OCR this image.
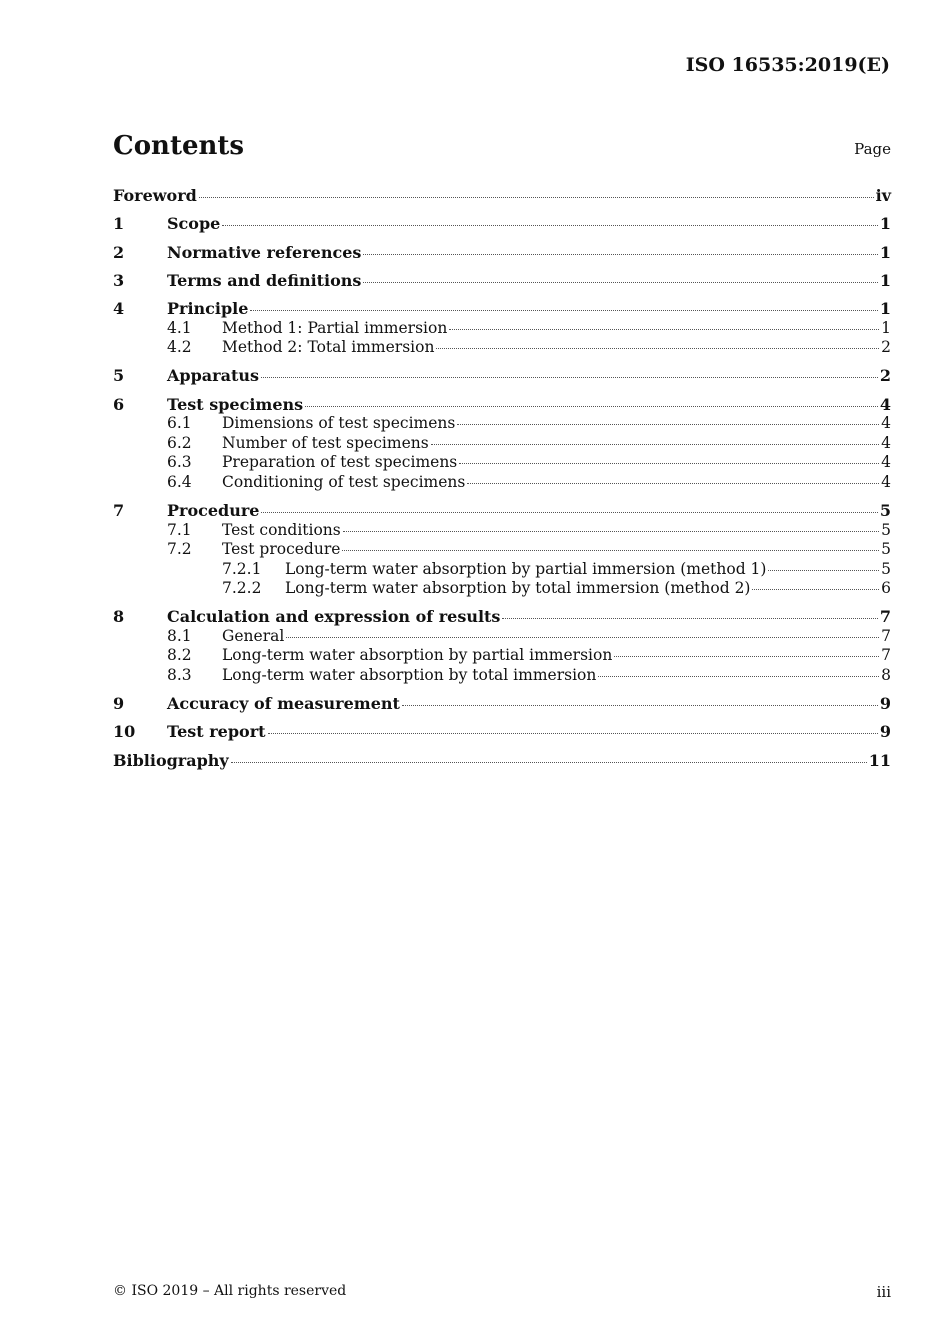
ISO 16535:2019(E)
Contents	Page
Foreword	iv
1	Scope	1
2	Normative references	1
3	Terms and definitions	1
4	Principle	1
4.1	Method 1: Partial immersion	1
4.2	Method 2: Total immersion	2
5	Apparatus	2
6	Test specimens	4
6.1	Dimensions of test specimens	4
6.2	Number of test specimens	4
6.3	Preparation of test specimens	4
6.4	Conditioning of test specimens	4
7	Procedure	5
7.1	Test conditions	5
7.2	Test procedure	5
7.2.1	Long-term water absorption by partial immersion (method 1)	5
7.2.2	Long-term water absorption by total immersion (method 2)	6
8	Calculation and expression of results	7
8.1	General	7
8.2	Long-term water absorption by partial immersion	7
8.3	Long-term water absorption by total immersion	8
9	Accuracy of measurement	9
10	Test report	9
Bibliography	11
© ISO 2019 – All rights reserved	iii
